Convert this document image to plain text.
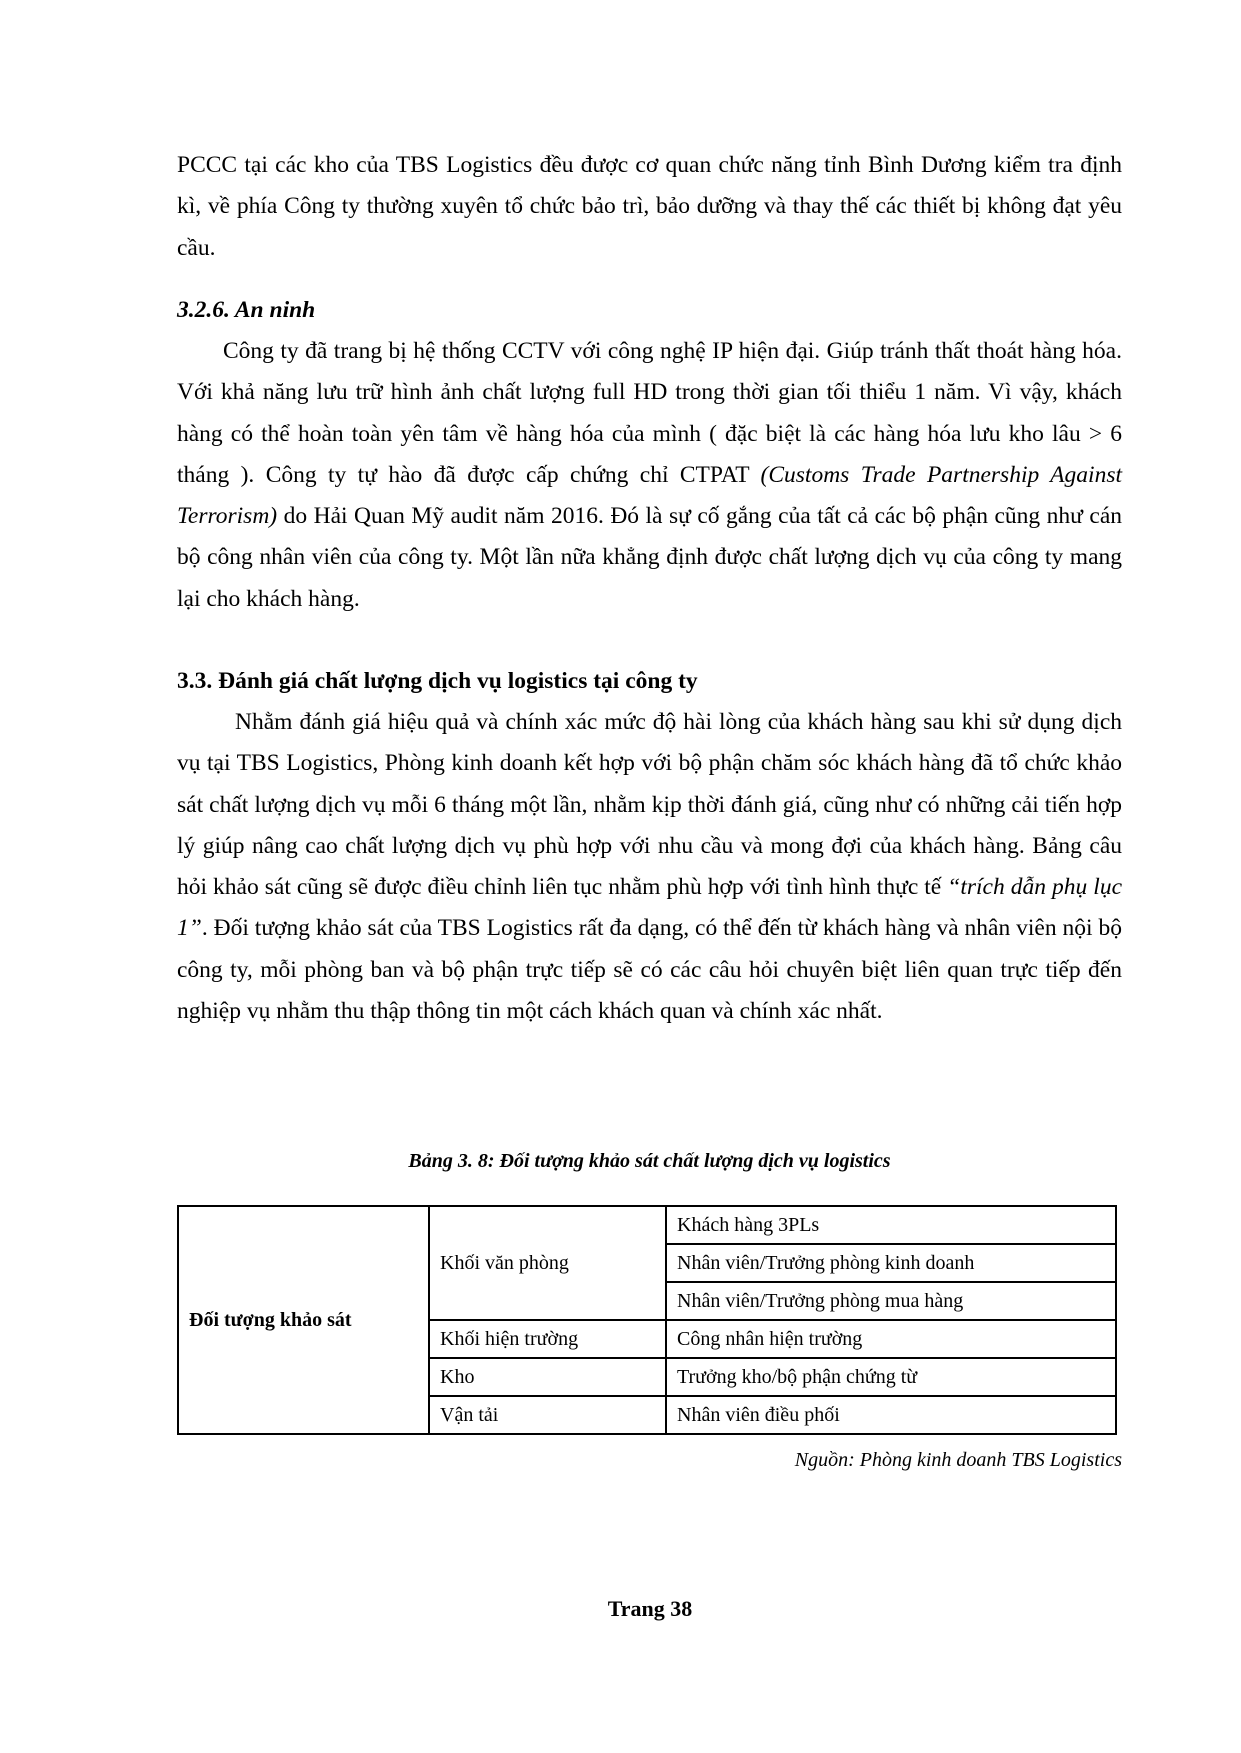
PCCC tại các kho của TBS Logistics đều được cơ quan chức năng tỉnh Bình Dương kiểm tra định kì, về phía Công ty thường xuyên tổ chức bảo trì, bảo dưỡng và thay thế các thiết bị không đạt yêu cầu.

3.2.6. An ninh

Công ty đã trang bị hệ thống CCTV với công nghệ IP hiện đại. Giúp tránh thất thoát hàng hóa. Với khả năng lưu trữ hình ảnh chất lượng full HD trong thời gian tối thiểu 1 năm. Vì vậy, khách hàng có thể hoàn toàn yên tâm về hàng hóa của mình ( đặc biệt là các hàng hóa lưu kho lâu > 6 tháng ). Công ty tự hào đã được cấp chứng chỉ CTPAT (Customs Trade Partnership Against Terrorism) do Hải Quan Mỹ audit năm 2016. Đó là sự cố gắng của tất cả các bộ phận cũng như cán bộ công nhân viên của công ty. Một lần nữa khẳng định được chất lượng dịch vụ của công ty mang lại cho khách hàng.

3.3. Đánh giá chất lượng dịch vụ logistics tại công ty

Nhằm đánh giá hiệu quả và chính xác mức độ hài lòng của khách hàng sau khi sử dụng dịch vụ tại TBS Logistics, Phòng kinh doanh kết hợp với bộ phận chăm sóc khách hàng đã tổ chức khảo sát chất lượng dịch vụ mỗi 6 tháng một lần, nhằm kịp thời đánh giá, cũng như có những cải tiến hợp lý giúp nâng cao chất lượng dịch vụ phù hợp với nhu cầu và mong đợi của khách hàng. Bảng câu hỏi khảo sát cũng sẽ được điều chỉnh liên tục nhằm phù hợp với tình hình thực tế “trích dẫn phụ lục 1”. Đối tượng khảo sát của TBS Logistics rất đa dạng, có thể đến từ khách hàng và nhân viên nội bộ công ty, mỗi phòng ban và bộ phận trực tiếp sẽ có các câu hỏi chuyên biệt liên quan trực tiếp đến nghiệp vụ nhằm thu thập thông tin một cách khách quan và chính xác nhất.

Bảng 3. 8: Đối tượng khảo sát chất lượng dịch vụ logistics
Đối tượng khảo sát	Khối văn phòng	Khách hàng 3PLs
		Nhân viên/Trưởng phòng kinh doanh
		Nhân viên/Trưởng phòng mua hàng
	Khối hiện trường	Công nhân hiện trường
	Kho	Trưởng kho/bộ phận chứng từ
	Vận tải	Nhân viên điều phối
Nguồn: Phòng kinh doanh TBS Logistics
Trang 38
